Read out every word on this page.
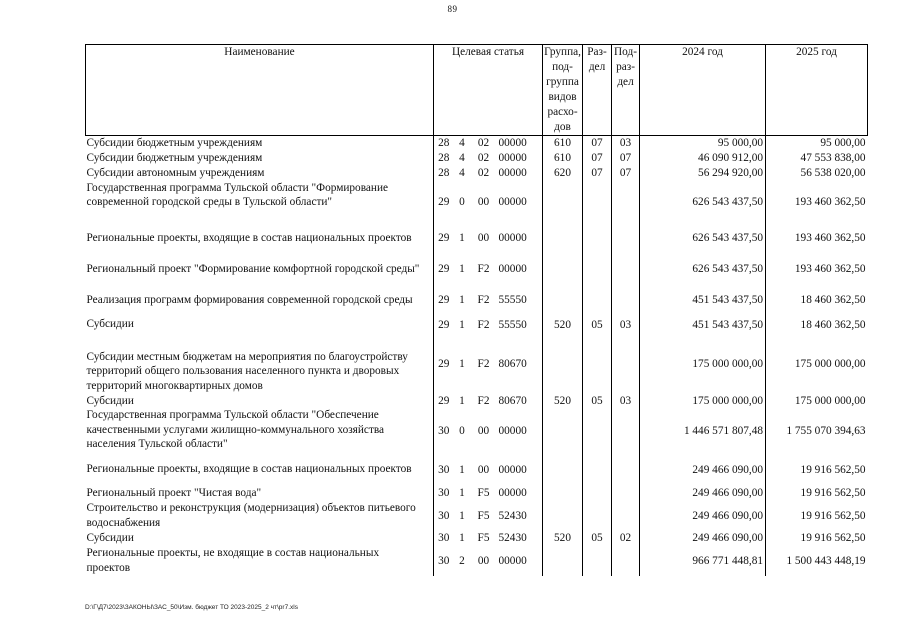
89
Наименование	Целевая статья				Группа, под-группа видов расхо-дов	Раз-дел	Под-раз-дел	2024 год	2025 год
Субсидии бюджетным учреждениям	28	4	02	00000	610	07	03	95 000,00	95 000,00
Субсидии бюджетным учреждениям	28	4	02	00000	610	07	07	46 090 912,00	47 553 838,00
Субсидии автономным учреждениям	28	4	02	00000	620	07	07	56 294 920,00	56 538 020,00
Государственная программа Тульской области "Формирование современной городской среды в Тульской области"	29	0	00	00000				626 543 437,50	193 460 362,50
Региональные проекты, входящие в состав национальных проектов	29	1	00	00000				626 543 437,50	193 460 362,50
Региональный проект "Формирование комфортной городской среды"	29	1	F2	00000				626 543 437,50	193 460 362,50
Реализация программ формирования современной городской среды	29	1	F2	55550				451 543 437,50	18 460 362,50
Субсидии	29	1	F2	55550	520	05	03	451 543 437,50	18 460 362,50
Субсидии местным бюджетам на мероприятия по благоустройству территорий общего пользования населенного пункта и дворовых территорий многоквартирных домов	29	1	F2	80670				175 000 000,00	175 000 000,00
Субсидии	29	1	F2	80670	520	05	03	175 000 000,00	175 000 000,00
Государственная программа Тульской области "Обеспечение качественными услугами жилищно-коммунального хозяйства населения Тульской области"	30	0	00	00000				1 446 571 807,48	1 755 070 394,63
Региональные проекты, входящие в состав национальных проектов	30	1	00	00000				249 466 090,00	19 916 562,50
Региональный проект "Чистая вода"	30	1	F5	00000				249 466 090,00	19 916 562,50
Строительство и реконструкция (модернизация) объектов питьевого водоснабжения	30	1	F5	52430				249 466 090,00	19 916 562,50
Субсидии	30	1	F5	52430	520	05	02	249 466 090,00	19 916 562,50
Региональные проекты, не входящие в состав национальных проектов	30	2	00	00000				966 771 448,81	1 500 443 448,19
D:\Г\Д7\2023\ЗАКОНЫ\ЗАС_50\Изм. бюджет ТО 2023-2025_2 чт\pr7.xls
